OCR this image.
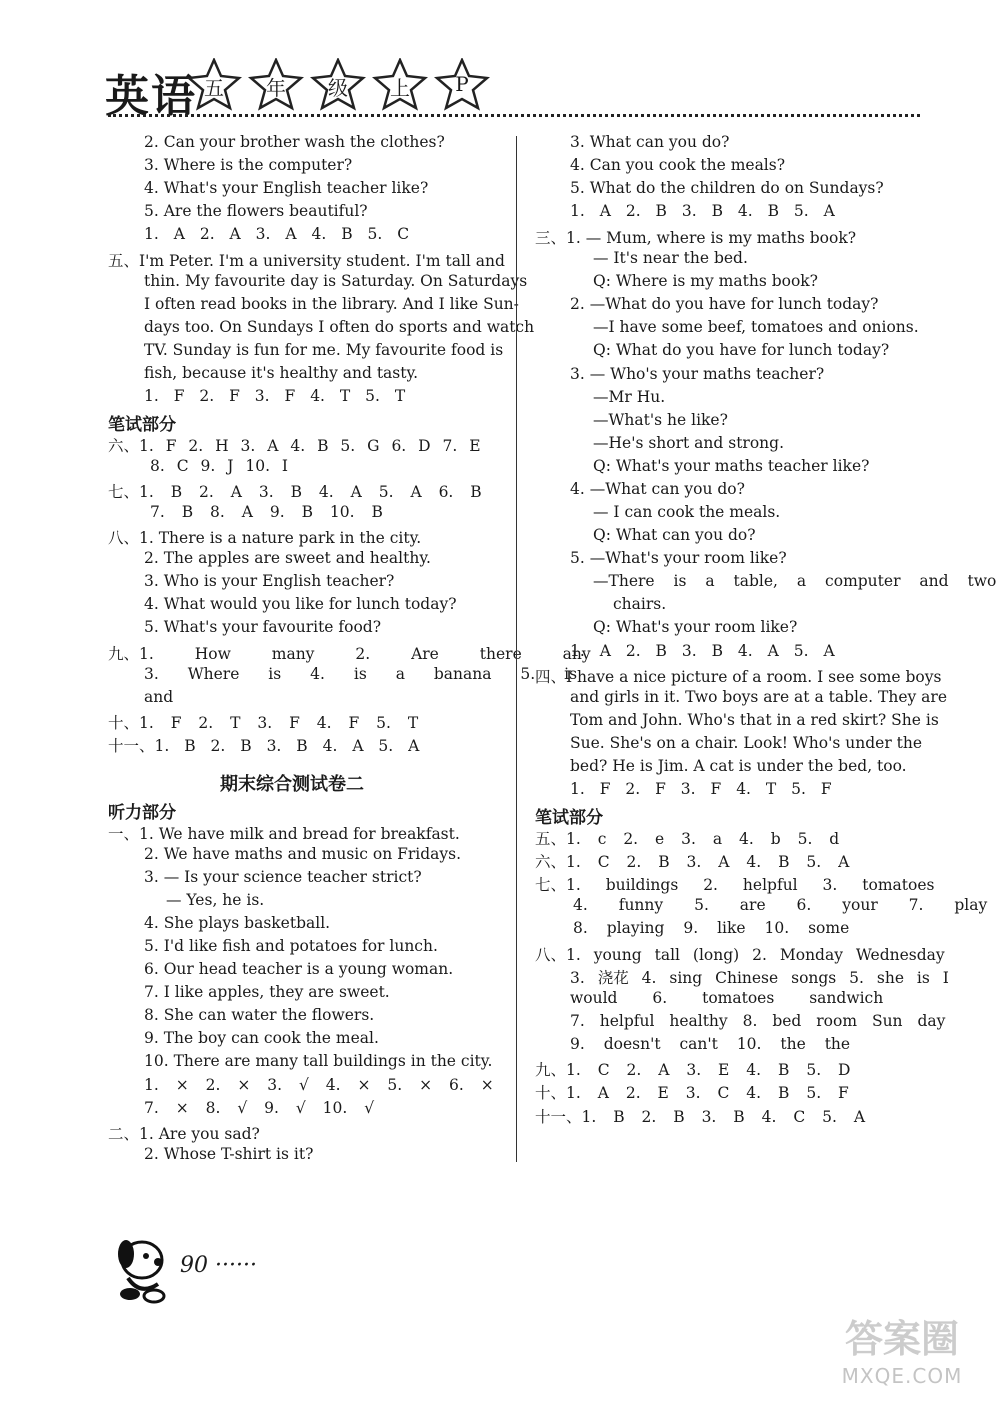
英语 五	年	级	上	P
2. Can your brother wash the clothes?
3. Where is the computer?
4. What's your English teacher like?
5. Are the flowers beautiful?
1. A 2. A 3. A 4. B 5. C
五、I'm Peter. I'm a university student. I'm tall and
thin. My favourite day is Saturday. On Saturdays
I often read books in the library. And I like Sun-
days too. On Sundays I often do sports and watch
TV. Sunday is fun for me. My favourite food is
fish, because it's healthy and tasty.
1. F 2. F 3. F 4. T 5. T
笔试部分
六、1. F 2. H 3. A 4. B 5. G 6. D 7. E
8. C 9. J 10. I
七、1. B 2. A 3. B 4. A 5. A 6. B
7. B 8. A 9. B 10. B
八、1. There is a nature park in the city.
2. The apples are sweet and healthy.
3. Who is your English teacher?
4. What would you like for lunch today?
5. What's your favourite food?
九、1. How many 2. Are there any
3. Where is 4. is a banana 5. is
and
十、1. F 2. T 3. F 4. F 5. T
十一、1. B 2. B 3. B 4. A 5. A
期末综合测试卷二
听力部分
一、1. We have milk and bread for breakfast.
2. We have maths and music on Fridays.
3. — Is your science teacher strict?
— Yes, he is.
4. She plays basketball.
5. I'd like fish and potatoes for lunch.
6. Our head teacher is a young woman.
7. I like apples, they are sweet.
8. She can water the flowers.
9. The boy can cook the meal.
10. There are many tall buildings in the city.
1. × 2. × 3. √ 4. × 5. × 6. ×
7. × 8. √ 9. √ 10. √
二、1. Are you sad?
2. Whose T-shirt is it?
3. What can you do?
4. Can you cook the meals?
5. What do the children do on Sundays?
1. A 2. B 3. B 4. B 5. A
三、1. — Mum, where is my maths book?
— It's near the bed.
Q: Where is my maths book?
2. —What do you have for lunch today?
—I have some beef, tomatoes and onions.
Q: What do you have for lunch today?
3. — Who's your maths teacher?
—Mr Hu.
—What's he like?
—He's short and strong.
Q: What's your maths teacher like?
4. —What can you do?
— I can cook the meals.
Q: What can you do?
5. —What's your room like?
—There is a table, a computer and two
chairs.
Q: What's your room like?
1. A 2. B 3. B 4. A 5. A
四、I have a nice picture of a room. I see some boys
and girls in it. Two boys are at a table. They are
Tom and John. Who's that in a red skirt? She is
Sue. She's on a chair. Look! Who's under the
bed? He is Jim. A cat is under the bed, too.
1. F 2. F 3. F 4. T 5. F
笔试部分
五、1. c 2. e 3. a 4. b 5. d
六、1. C 2. B 3. A 4. B 5. A
七、1. buildings 2. helpful 3. tomatoes
4. funny 5. are 6. your 7. play
8. playing 9. like 10. some
八、1. young tall (long) 2. Monday Wednesday
3. 浇花 4. sing Chinese songs 5. she is I
would 6. tomatoes sandwich
7. helpful healthy 8. bed room Sun day
9. doesn't can't 10. the the
九、1. C 2. A 3. E 4. B 5. D
十、1. A 2. E 3. C 4. B 5. F
十一、1. B 2. B 3. B 4. C 5. A
90 ······
答案圈
MXQE.COM
